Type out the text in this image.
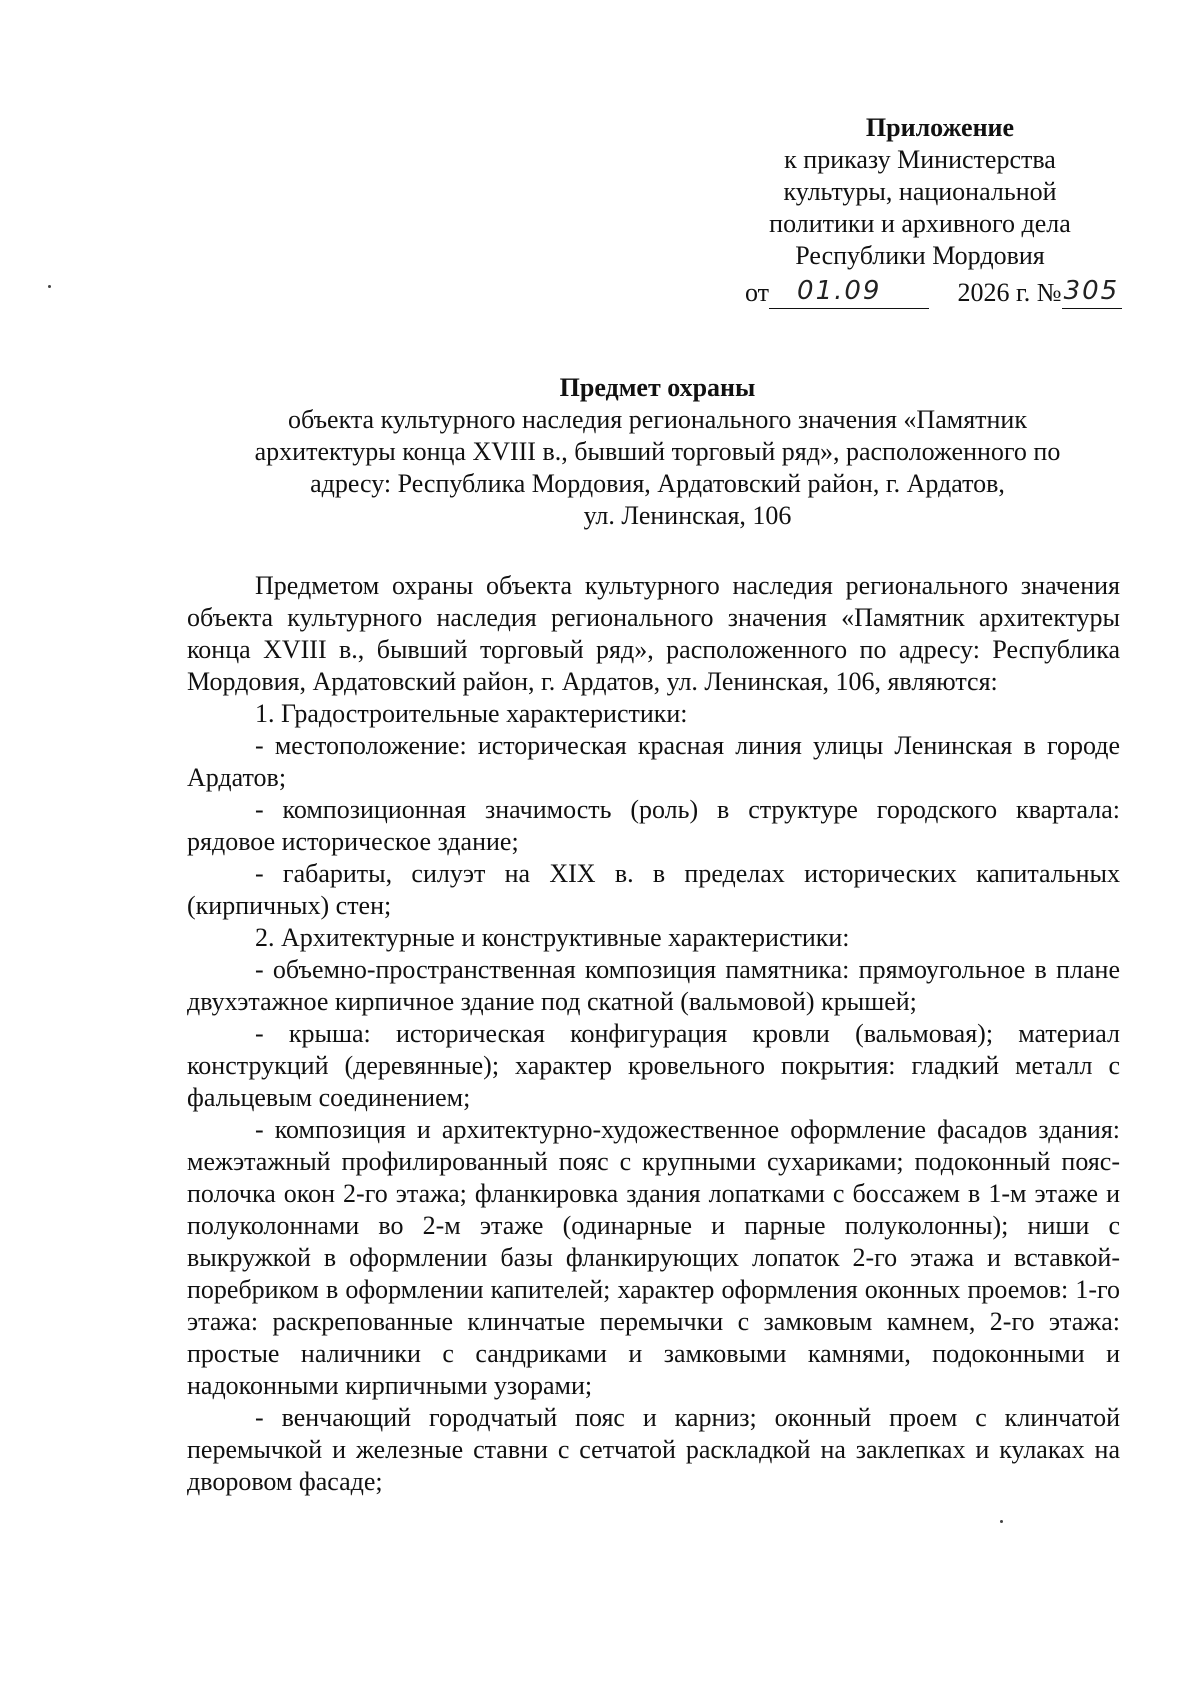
Приложение
к приказу Министерства
культуры, национальной
политики и архивного дела
Республики Мордовия
от 01.09	2026 г. № 305

Предмет охраны
объекта культурного наследия регионального значения «Памятник
архитектуры конца XVIII в., бывший торговый ряд», расположенного по
адресу: Республика Мордовия, Ардатовский район, г. Ардатов,
ул. Ленинская, 106

Предметом охраны объекта культурного наследия регионального значения объекта культурного наследия регионального значения «Памятник архитектуры конца XVIII в., бывший торговый ряд», расположенного по адресу: Республика Мордовия, Ардатовский район, г. Ардатов, ул. Ленинская, 106, являются:

1. Градостроительные характеристики:

- местоположение: историческая красная линия улицы Ленинская в городе Ардатов;

- композиционная значимость (роль) в структуре городского квартала: рядовое историческое здание;

- габариты, силуэт на XIX в. в пределах исторических капитальных (кирпичных) стен;

2. Архитектурные и конструктивные характеристики:

- объемно-пространственная композиция памятника: прямоугольное в плане двухэтажное кирпичное здание под скатной (вальмовой) крышей;

- крыша: историческая конфигурация кровли (вальмовая); материал конструкций (деревянные); характер кровельного покрытия: гладкий металл с фальцевым соединением;

- композиция и архитектурно-художественное оформление фасадов здания: межэтажный профилированный пояс с крупными сухариками; подоконный пояс-полочка окон 2-го этажа; фланкировка здания лопатками с боссажем в 1-м этаже и полуколоннами во 2-м этаже (одинарные и парные полуколонны); ниши с выкружкой в оформлении базы фланкирующих лопаток 2-го этажа и вставкой-поребриком в оформлении капителей; характер оформления оконных проемов: 1-го этажа: раскрепованные клинчатые перемычки с замковым камнем, 2-го этажа: простые наличники с сандриками и замковыми камнями, подоконными и надоконными кирпичными узорами;

- венчающий городчатый пояс и карниз; оконный проем с клинчатой перемычкой и железные ставни с сетчатой раскладкой на заклепках и кулаках на дворовом фасаде;
